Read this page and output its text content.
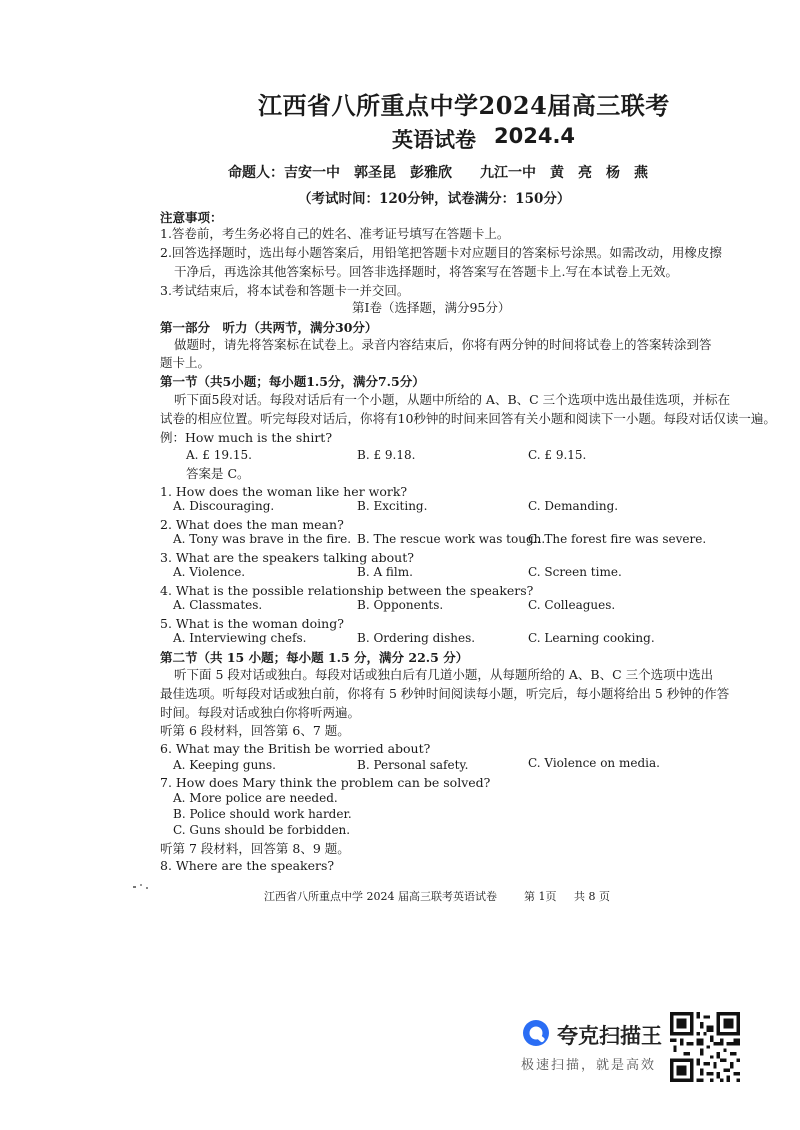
江西省八所重点中学2024届高三联考
英语试卷 2024.4
命题人：吉安一中　郭圣昆　彭雅欣　　九江一中　黄　亮　杨　燕
（考试时间：120分钟，试卷满分：150分）
注意事项：
1.答卷前，考生务必将自己的姓名、准考证号填写在答题卡上。
2.回答选择题时，选出每小题答案后，用铅笔把答题卡对应题目的答案标号涂黑。如需改动，用橡皮擦
干净后，再选涂其他答案标号。回答非选择题时，将答案写在答题卡上.写在本试卷上无效。
3.考试结束后，将本试卷和答题卡一并交回。
第Ⅰ卷（选择题，满分95分）
第一部分　听力（共两节，满分30分）
做题时，请先将答案标在试卷上。录音内容结束后，你将有两分钟的时间将试卷上的答案转涂到答
题卡上。
第一节（共5小题；每小题1.5分，满分7.5分）
听下面5段对话。每段对话后有一个小题，从题中所给的 A、B、C 三个选项中选出最佳选项，并标在
试卷的相应位置。听完每段对话后，你将有10秒钟的时间来回答有关小题和阅读下一小题。每段对话仅读一遍。
例：How much is the shirt?
A. £ 19.15.	B. £ 9.18.	C. £ 9.15.
答案是 C。
1. How does the woman like her work?
A. Discouraging.	B. Exciting.	C. Demanding.
2. What does the man mean?
A. Tony was brave in the fire. B. The rescue work was tough.
C. The forest fire was severe.
3. What are the speakers talking about?
A. Violence.	B. A film.	C. Screen time.
4. What is the possible relationship between the speakers?
A. Classmates.	B. Opponents.	C. Colleagues.
5. What is the woman doing?
A. Interviewing chefs.	B. Ordering dishes.	C. Learning cooking.
第二节（共 15 小题；每小题 1.5 分，满分 22.5 分）
听下面 5 段对话或独白。每段对话或独白后有几道小题，从每题所给的 A、B、C 三个选项中选出
最佳选项。听每段对话或独白前，你将有 5 秒钟时间阅读每小题，听完后，每小题将给出 5 秒钟的作答
时间。每段对话或独白你将听两遍。
听第 6 段材料，回答第 6、7 题。
6. What may the British be worried about?
A. Keeping guns.	B. Personal safety.	C. Violence on media.
7. How does Mary think the problem can be solved?
A. More police are needed.
B. Police should work harder.
C. Guns should be forbidden.
听第 7 段材料，回答第 8、9 题。
8. Where are the speakers?
江西省八所重点中学 2024 届高三联考英语试卷 第 1页 共 8 页
夸克扫描王
极速扫描，就是高效
